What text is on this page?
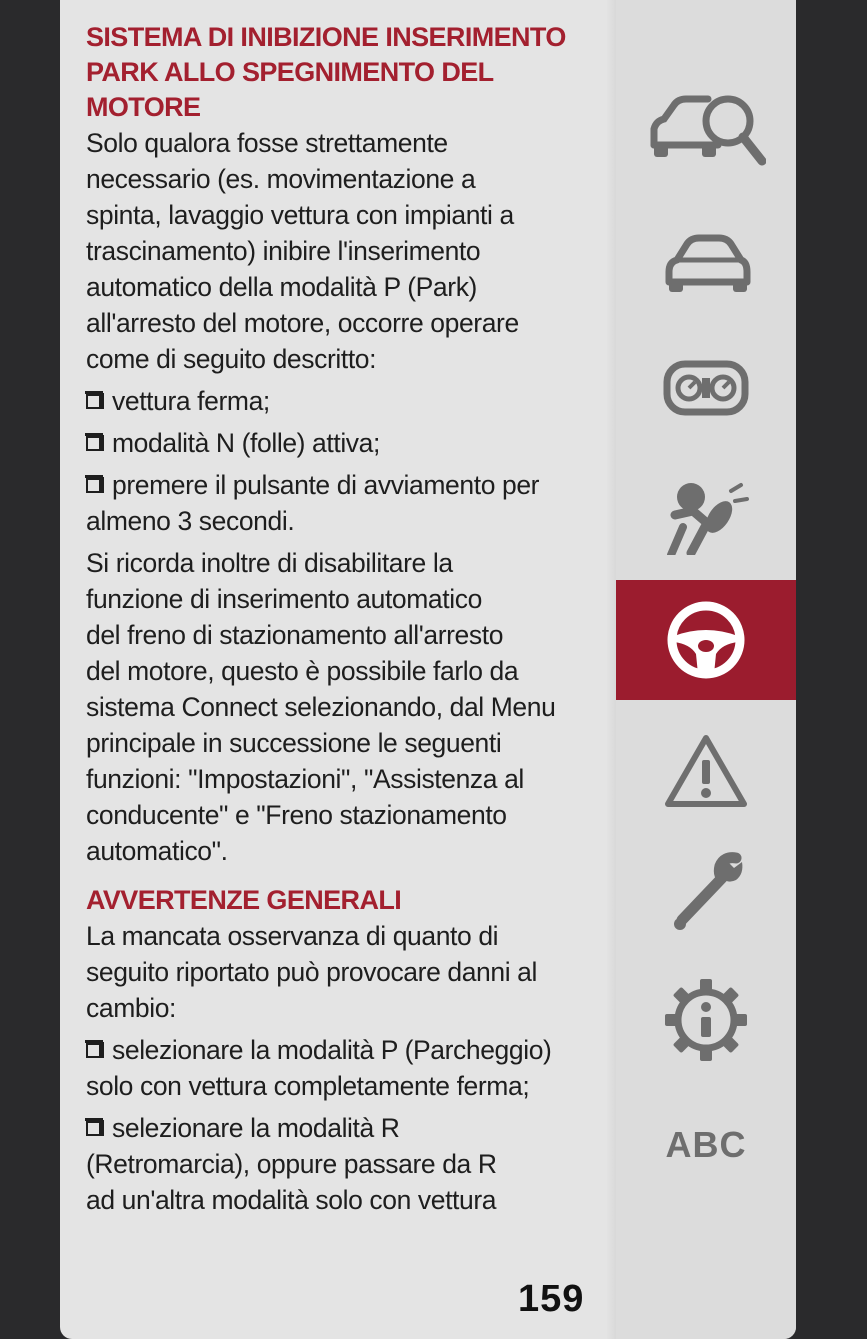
SISTEMA DI INIBIZIONE INSERIMENTO PARK ALLO SPEGNIMENTO DEL MOTORE

Solo qualora fosse strettamente

necessario (es. movimentazione a

spinta, lavaggio vettura con impianti a

trascinamento) inibire l'inserimento

automatico della modalità P (Park)

all'arresto del motore, occorre operare

come di seguito descritto:

vettura ferma;

modalità N (folle) attiva;

premere il pulsante di avviamento per

almeno 3 secondi.

Si ricorda inoltre di disabilitare la

funzione di inserimento automatico

del freno di stazionamento all'arresto

del motore, questo è possibile farlo da

sistema Connect selezionando, dal Menu

principale in successione le seguenti

funzioni: "Impostazioni", "Assistenza al

conducente" e "Freno stazionamento

automatico".

AVVERTENZE GENERALI

La mancata osservanza di quanto di

seguito riportato può provocare danni al

cambio:

selezionare la modalità P (Parcheggio)

solo con vettura completamente ferma;

selezionare la modalità R

(Retromarcia), oppure passare da R

ad un'altra modalità solo con vettura

159
ABC
